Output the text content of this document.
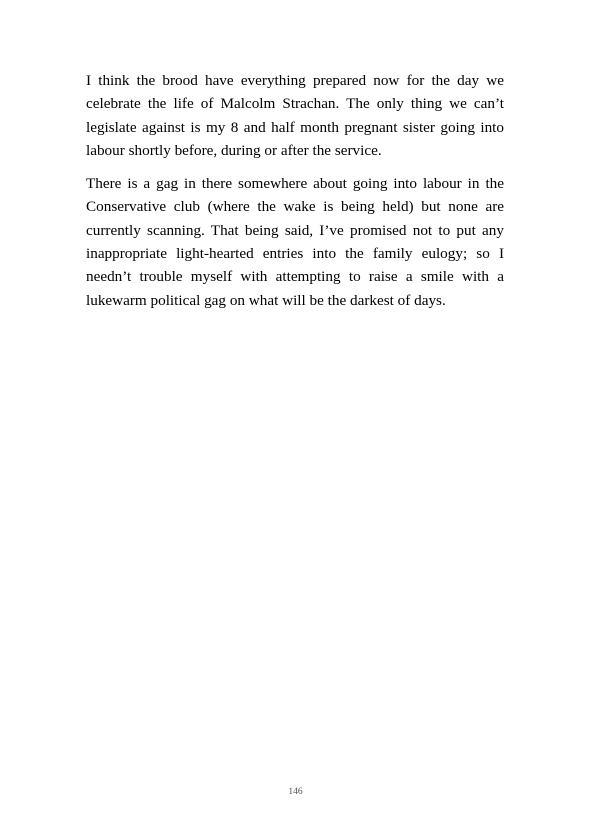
I think the brood have everything prepared now for the day we celebrate the life of Malcolm Strachan. The only thing we can’t legislate against is my 8 and half month pregnant sister going into labour shortly before, during or after the service.

There is a gag in there somewhere about going into labour in the Conservative club (where the wake is being held) but none are currently scanning. That being said, I’ve promised not to put any inappropriate light-hearted entries into the family eulogy; so I needn’t trouble myself with attempting to raise a smile with a lukewarm political gag on what will be the darkest of days.

146
